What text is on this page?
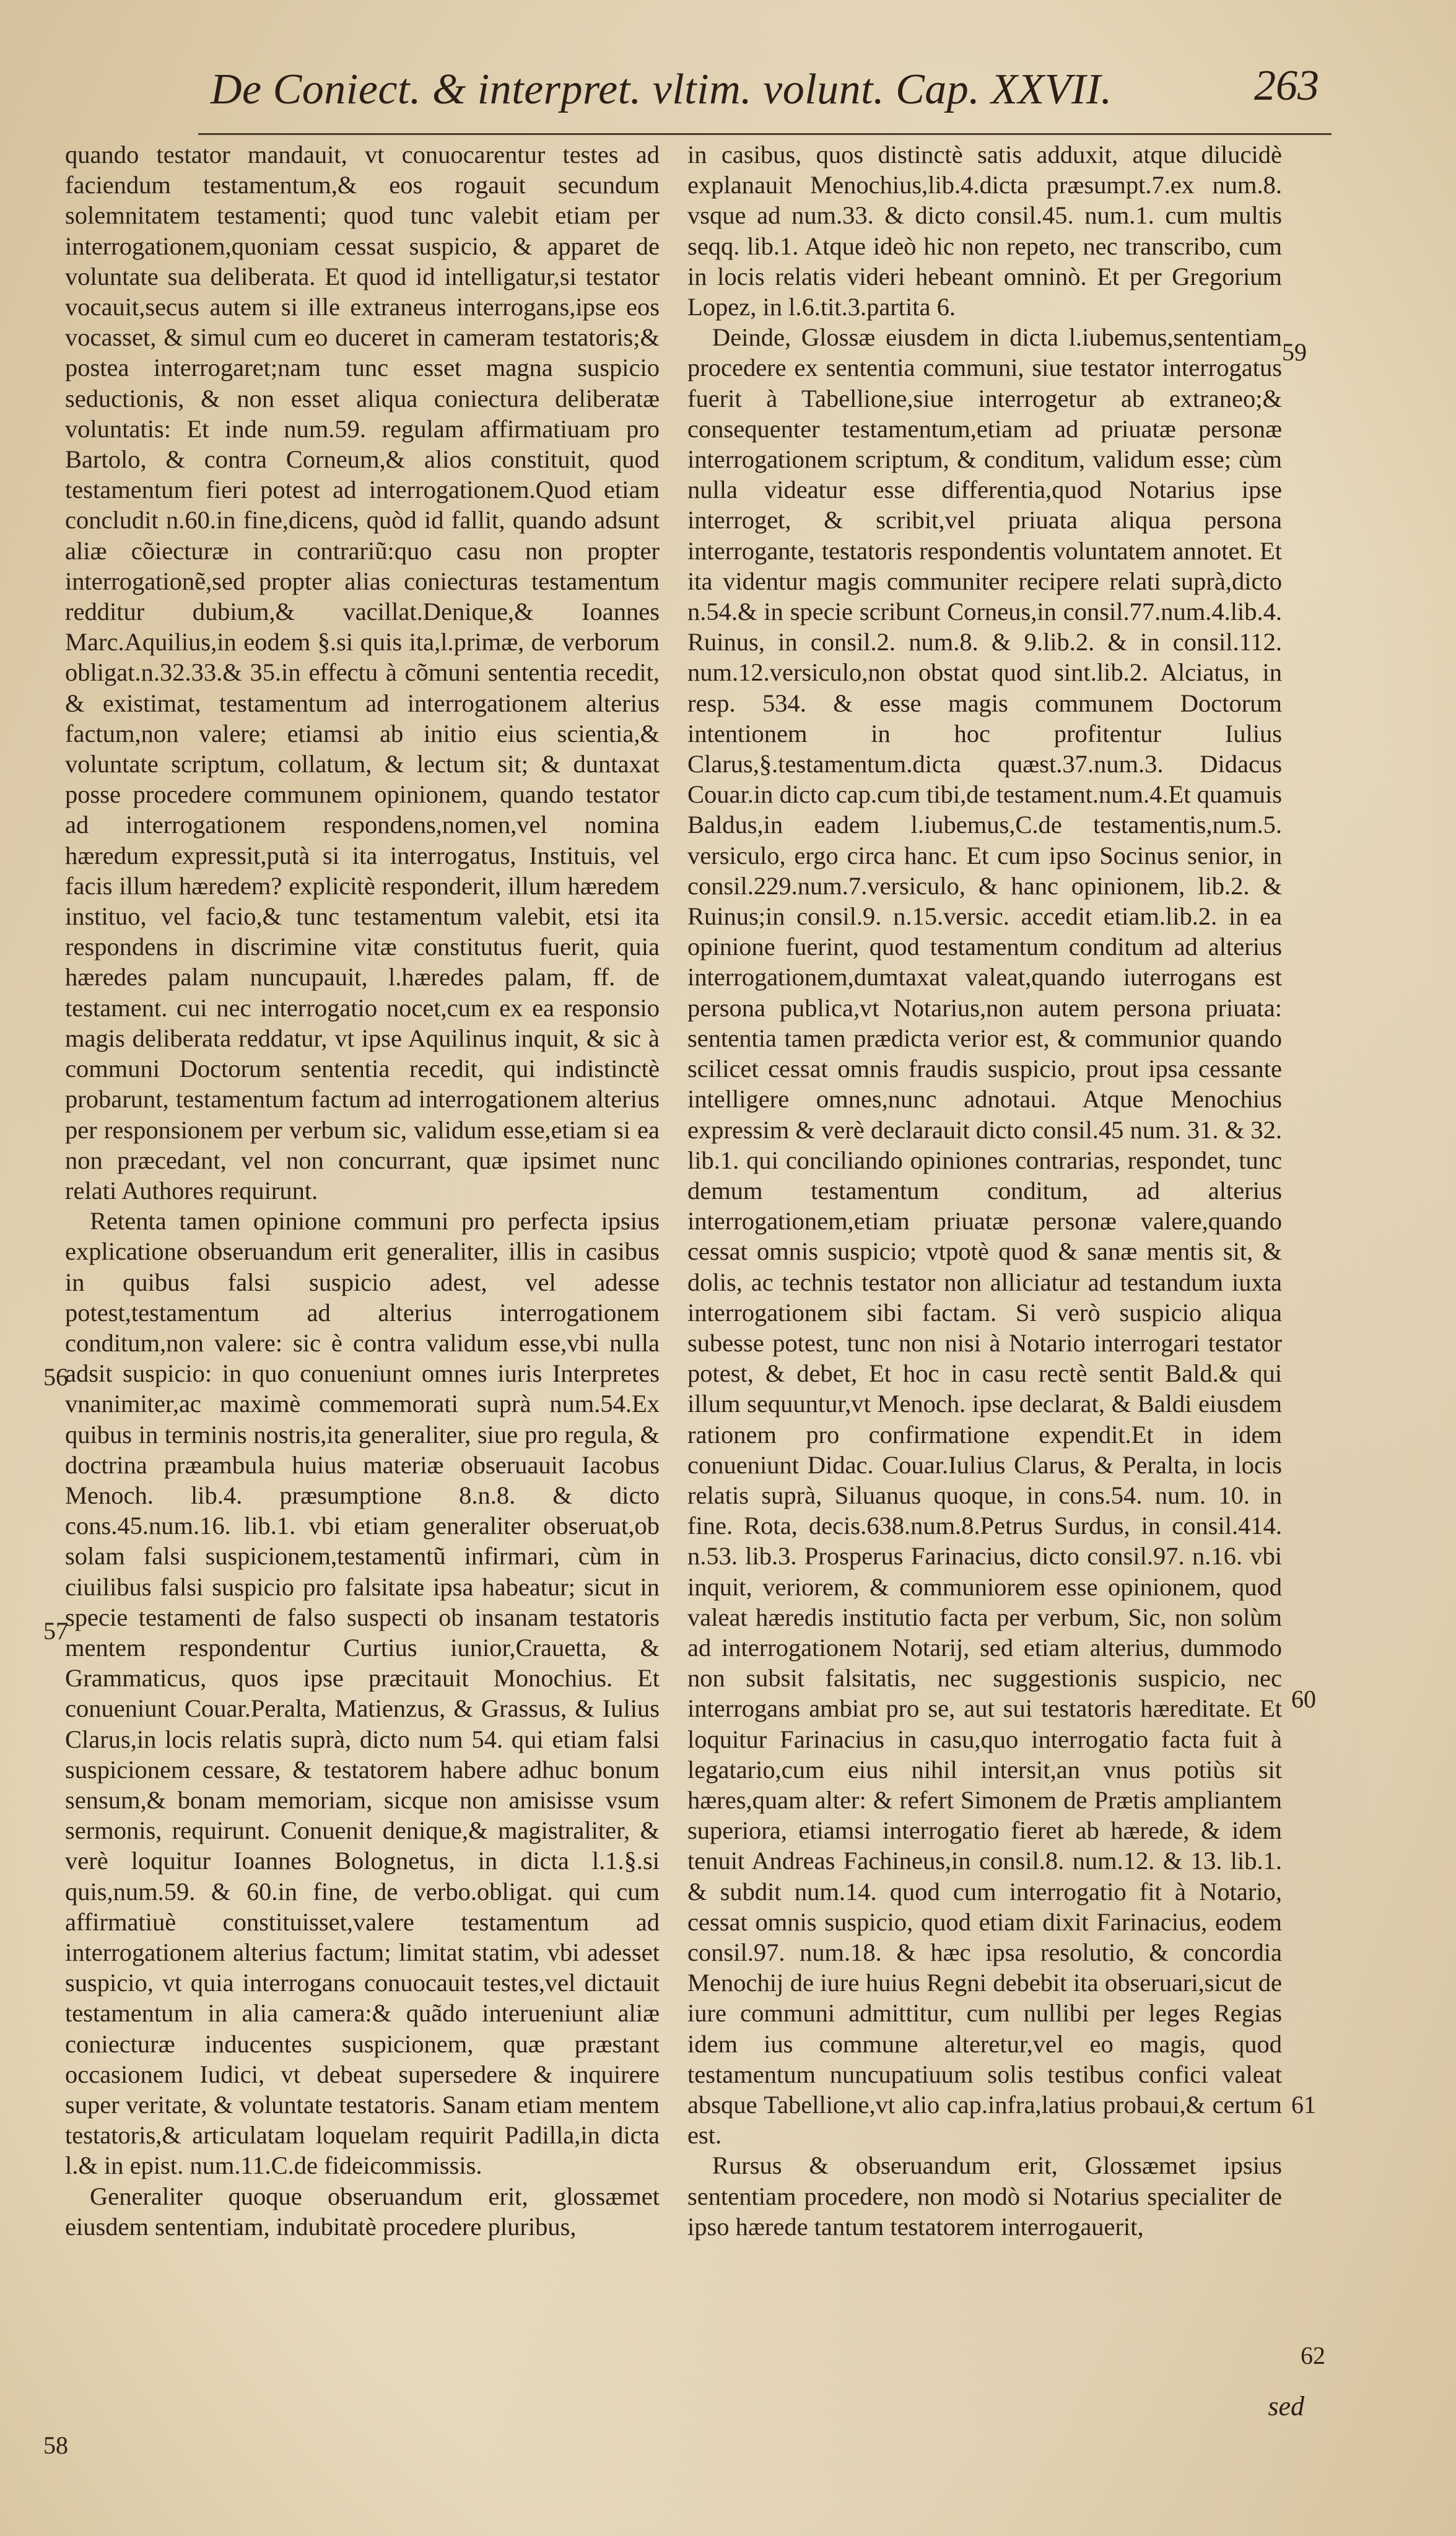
De Coniect. & interpret. vltim. volunt. Cap. XXVII.	263

quando testator mandauit, vt conuocarentur testes ad faciendum testamentum,& eos rogauit secundum solemnitatem testamenti; quod tunc valebit etiam per interrogationem,quoniam cessat suspicio, & apparet de voluntate sua deliberata. Et quod id intelligatur,si testator vocauit,secus autem si ille extraneus interrogans,ipse eos vocasset, & simul cum eo duceret in cameram testatoris;& postea interrogaret;nam tunc esset magna suspicio seductionis, & non esset aliqua coniectura deliberatæ voluntatis: Et inde num.59. regulam affirmatiuam pro Bartolo, & contra Corneum,& alios constituit, quod testamentum fieri potest ad interrogationem.Quod etiam concludit n.60.in fine,dicens, quòd id fallit, quando adsunt aliæ cõiecturæ in contrariũ:quo casu non propter interrogationẽ,sed propter alias coniecturas testamentum redditur dubium,& vacillat.Denique,& Ioannes Marc.Aquilius,in eodem §.si quis ita,l.primæ, de verborum obligat.n.32.33.& 35.in effectu à cõmuni sententia recedit, & existimat, testamentum ad interrogationem alterius factum,non valere; etiamsi ab initio eius scientia,& voluntate scriptum, collatum, & lectum sit; & duntaxat posse procedere communem opinionem, quando testator ad interrogationem respondens,nomen,vel nomina hæredum expressit,putà si ita interrogatus, Instituis, vel facis illum hæredem? explicitè responderit, illum hæredem instituo, vel facio,& tunc testamentum valebit, etsi ita respondens in discrimine vitæ constitutus fuerit, quia hæredes palam nuncupauit, l.hæredes palam, ff. de testament. cui nec interrogatio nocet,cum ex ea responsio magis deliberata reddatur, vt ipse Aquilinus inquit, & sic à communi Doctorum sententia recedit, qui indistinctè probarunt, testamentum factum ad interrogationem alterius per responsionem per verbum sic, validum esse,etiam si ea non præcedant, vel non concurrant, quæ ipsimet nunc relati Authores requirunt.

Retenta tamen opinione communi pro perfecta ipsius explicatione obseruandum erit generaliter, illis in casibus in quibus falsi suspicio adest, vel adesse potest,testamentum ad alterius interrogationem conditum,non valere: sic è contra validum esse,vbi nulla adsit suspicio: in quo conueniunt omnes iuris Interpretes vnanimiter,ac maximè commemorati suprà num.54.Ex quibus in terminis nostris,ita generaliter, siue pro regula, & doctrina præambula huius materiæ obseruauit Iacobus Menoch. lib.4. præsumptione 8.n.8. & dicto cons.45.num.16. lib.1. vbi etiam generaliter obseruat,ob solam falsi suspicionem,testamentũ infirmari, cùm in ciuilibus falsi suspicio pro falsitate ipsa habeatur; sicut in specie testamenti de falso suspecti ob insanam testatoris mentem respondentur Curtius iunior,Crauetta, & Grammaticus, quos ipse præcitauit Monochius. Et conueniunt Couar.Peralta, Matienzus, & Grassus, & Iulius Clarus,in locis relatis suprà, dicto num 54. qui etiam falsi suspicionem cessare, & testatorem habere adhuc bonum sensum,& bonam memoriam, sicque non amisisse vsum sermonis, requirunt. Conuenit denique,& magistraliter, & verè loquitur Ioannes Bolognetus, in dicta l.1.§.si quis,num.59. & 60.in fine, de verbo.obligat. qui cum affirmatiuè constituisset,valere testamentum ad interrogationem alterius factum; limitat statim, vbi adesset suspicio, vt quia interrogans conuocauit testes,vel dictauit testamentum in alia camera:& quãdo interueniunt aliæ coniecturæ inducentes suspicionem, quæ præstant occasionem Iudici, vt debeat supersedere & inquirere super veritate, & voluntate testatoris. Sanam etiam mentem testatoris,& articulatam loquelam requirit Padilla,in dicta l.& in epist. num.11.C.de fideicommissis.

Generaliter quoque obseruandum erit, glossæmet eiusdem sententiam, indubitatè procedere pluribus,

in casibus, quos distinctè satis adduxit, atque dilucidè explanauit Menochius,lib.4.dicta præsumpt.7.ex num.8. vsque ad num.33. & dicto consil.45. num.1. cum multis seqq. lib.1. Atque ideò hic non repeto, nec transcribo, cum in locis relatis videri hebeant omninò. Et per Gregorium Lopez, in l.6.tit.3.partita 6.

Deinde, Glossæ eiusdem in dicta l.iubemus,sententiam procedere ex sententia communi, siue testator interrogatus fuerit à Tabellione,siue interrogetur ab extraneo;& consequenter testamentum,etiam ad priuatæ personæ interrogationem scriptum, & conditum, validum esse; cùm nulla videatur esse differentia,quod Notarius ipse interroget, & scribit,vel priuata aliqua persona interrogante, testatoris respondentis voluntatem annotet. Et ita videntur magis communiter recipere relati suprà,dicto n.54.& in specie scribunt Corneus,in consil.77.num.4.lib.4. Ruinus, in consil.2. num.8. & 9.lib.2. & in consil.112. num.12.versiculo,non obstat quod sint.lib.2. Alciatus, in resp. 534. & esse magis communem Doctorum intentionem in hoc profitentur Iulius Clarus,§.testamentum.dicta quæst.37.num.3. Didacus Couar.in dicto cap.cum tibi,de testament.num.4.Et quamuis Baldus,in eadem l.iubemus,C.de testamentis,num.5. versiculo, ergo circa hanc. Et cum ipso Socinus senior, in consil.229.num.7.versiculo, & hanc opinionem, lib.2. & Ruinus;in consil.9. n.15.versic. accedit etiam.lib.2. in ea opinione fuerint, quod testamentum conditum ad alterius interrogationem,dumtaxat valeat,quando iuterrogans est persona publica,vt Notarius,non autem persona priuata: sententia tamen prædicta verior est, & communior quando scilicet cessat omnis fraudis suspicio, prout ipsa cessante intelligere omnes,nunc adnotaui. Atque Menochius expressim & verè declarauit dicto consil.45 num. 31. & 32. lib.1. qui conciliando opiniones contrarias, respondet, tunc demum testamentum conditum, ad alterius interrogationem,etiam priuatæ personæ valere,quando cessat omnis suspicio; vtpotè quod & sanæ mentis sit, & dolis, ac technis testator non alliciatur ad testandum iuxta interrogationem sibi factam. Si verò suspicio aliqua subesse potest, tunc non nisi à Notario interrogari testator potest, & debet, Et hoc in casu rectè sentit Bald.& qui illum sequuntur,vt Menoch. ipse declarat, & Baldi eiusdem rationem pro confirmatione expendit.Et in idem conueniunt Didac. Couar.Iulius Clarus, & Peralta, in locis relatis suprà, Siluanus quoque, in cons.54. num. 10. in fine. Rota, decis.638.num.8.Petrus Surdus, in consil.414. n.53. lib.3. Prosperus Farinacius, dicto consil.97. n.16. vbi inquit, veriorem, & communiorem esse opinionem, quod valeat hæredis institutio facta per verbum, Sic, non solùm ad interrogationem Notarij, sed etiam alterius, dummodo non subsit falsitatis, nec suggestionis suspicio, nec interrogans ambiat pro se, aut sui testatoris hæreditate. Et loquitur Farinacius in casu,quo interrogatio facta fuit à legatario,cum eius nihil intersit,an vnus potiùs sit hæres,quam alter: & refert Simonem de Prætis ampliantem superiora, etiamsi interrogatio fieret ab hærede, & idem tenuit Andreas Fachineus,in consil.8. num.12. & 13. lib.1. & subdit num.14. quod cum interrogatio fit à Notario, cessat omnis suspicio, quod etiam dixit Farinacius, eodem consil.97. num.18. & hæc ipsa resolutio, & concordia Menochij de iure huius Regni debebit ita obseruari,sicut de iure communi admittitur, cum nullibi per leges Regias idem ius commune alteretur,vel eo magis, quod testamentum nuncupatiuum solis testibus confici valeat absque Tabellione,vt alio cap.infra,latius probaui,& certum est.

Rursus & obseruandum erit, Glossæmet ipsius sententiam procedere, non modò si Notarius specialiter de ipso hærede tantum testatorem interrogauerit,

56
57
58
59
60
61
62
sed
